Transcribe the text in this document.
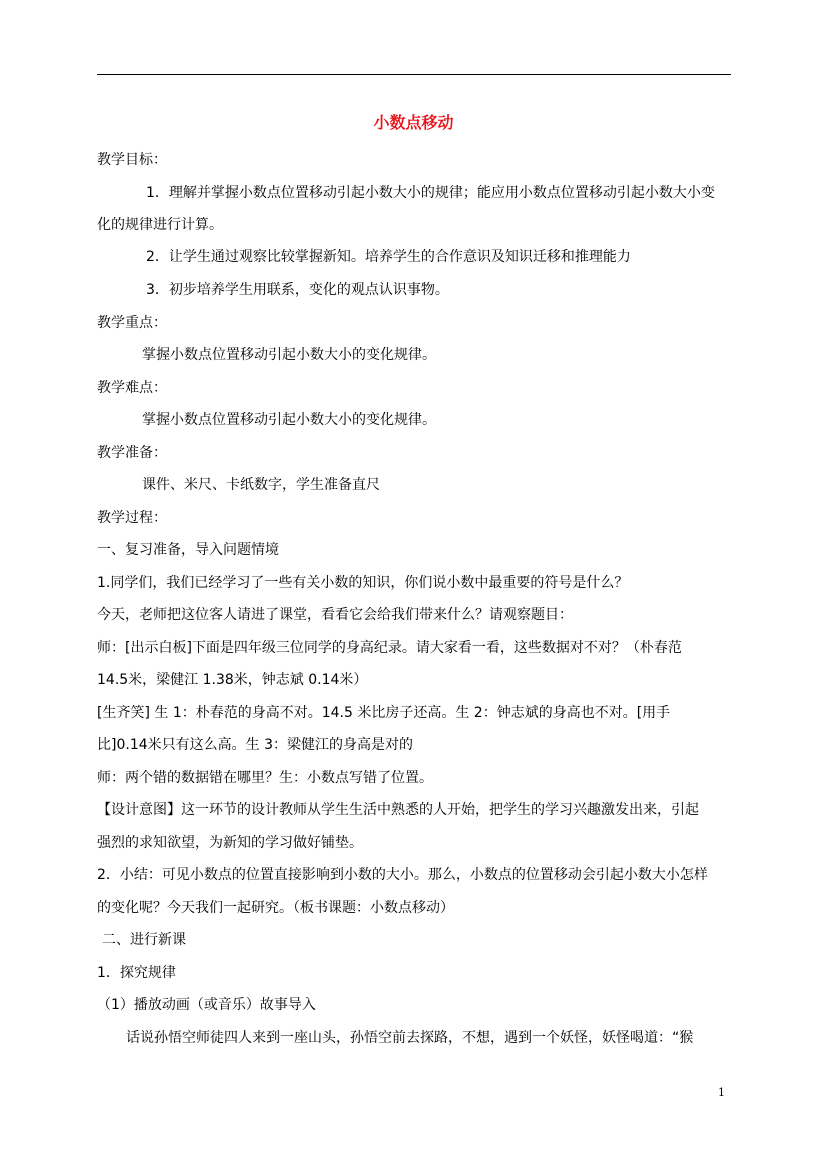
小数点移动
教学目标：
1．理解并掌握小数点位置移动引起小数大小的规律；能应用小数点位置移动引起小数大小变
化的规律进行计算。
2．让学生通过观察比较掌握新知。培养学生的合作意识及知识迁移和推理能力
3．初步培养学生用联系，变化的观点认识事物。
教学重点：
掌握小数点位置移动引起小数大小的变化规律。
教学难点：
掌握小数点位置移动引起小数大小的变化规律。
教学准备：
课件、米尺、卡纸数字，学生准备直尺
教学过程：
一、复习准备，导入问题情境
1.同学们，我们已经学习了一些有关小数的知识，你们说小数中最重要的符号是什么？
今天，老师把这位客人请进了课堂，看看它会给我们带来什么？请观察题目：
师：[出示白板]下面是四年级三位同学的身高纪录。请大家看一看，这些数据对不对？（朴春范
14.5米，梁健江 1.38米，钟志斌 0.14米）
[生齐笑] 生 1：朴春范的身高不对。14.5 米比房子还高。生 2：钟志斌的身高也不对。[用手
比]0.14米只有这么高。生 3：梁健江的身高是对的
师：两个错的数据错在哪里？生：小数点写错了位置。
【设计意图】这一环节的设计教师从学生生活中熟悉的人开始，把学生的学习兴趣激发出来，引起
强烈的求知欲望，为新知的学习做好铺垫。
2．小结：可见小数点的位置直接影响到小数的大小。那么，小数点的位置移动会引起小数大小怎样
的变化呢？今天我们一起研究。（板书课题：小数点移动）
二、进行新课
1．探究规律
（1）播放动画（或音乐）故事导入
话说孙悟空师徒四人来到一座山头，孙悟空前去探路，不想，遇到一个妖怪，妖怪喝道：“猴
1
